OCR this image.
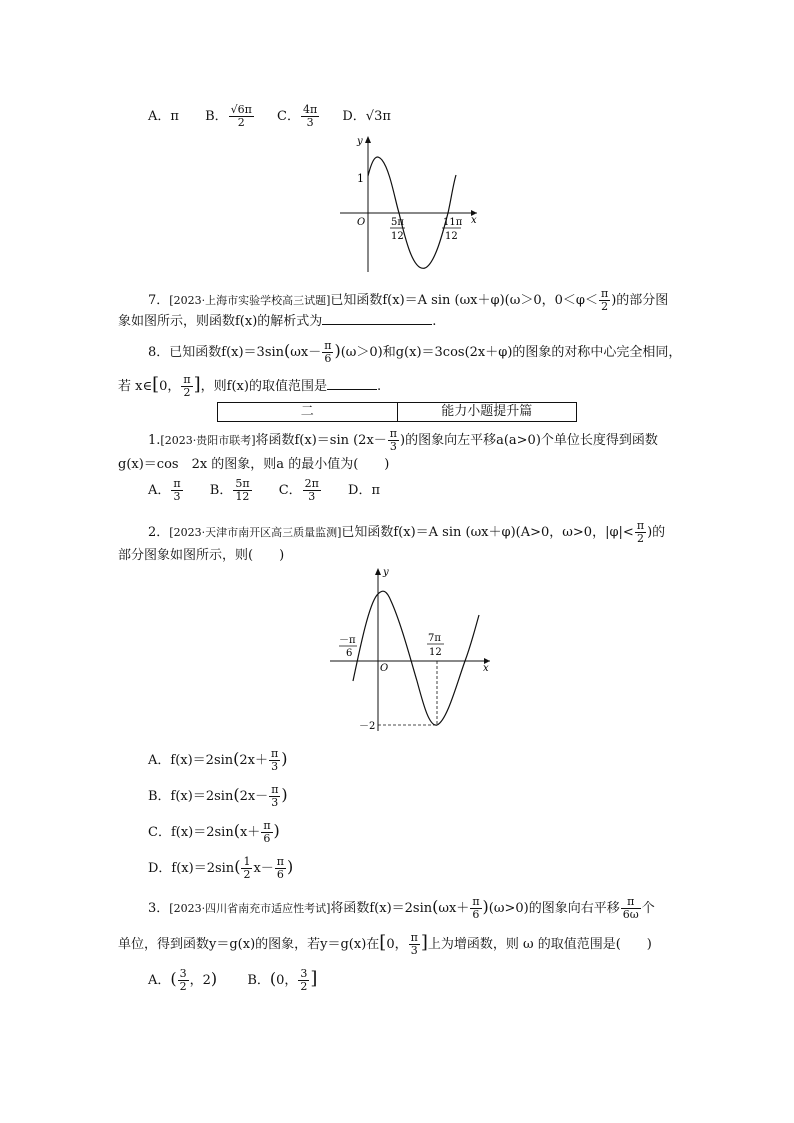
A．π B． $\frac{√6\pi}{2}$ C． $\frac{4\pi}{3}$ D．√3π
y
x
O
1
5π
12
11π
12
7．[2023·上海市实验学校高三试题]已知函数f(x)＝A sin (ωx＋φ)(ω＞0，$0<\varphi< \frac{\pi}{2}$ )的部分图
象如图所示，则函数f(x)的解析式为	.
8．已知函数$f(x)=3\sin(\omega x- \frac{\pi}{6} )(\omega>0)$和g(x)＝3cos(2x＋φ)的图象的对称中心完全相同，
若 x∈[0， $\frac{\pi}{2}$ ]，则f(x)的取值范围是	.
二	能力小题提升篇
1.[2023·贵阳市联考]将函数f(x)＝sin ($2x- \frac{\pi}{3}$ )的图象向左平移a(a>0)个单位长度得到函数
g(x)＝cos　2x 的图象，则a 的最小值为(　　)
A． $\frac{\pi}{3}$ B． $\frac{5\pi}{12}$ C． $\frac{2\pi}{3}$ D．π
2．[2023·天津市南开区高三质量监测]已知函数f(x)＝A sin (ωx＋φ)(A>0，ω>0，$|\varphi|< \frac{\pi}{2}$ )的
部分图象如图所示，则(　　)
y
x
O
－2
－π
6
7π
12
A．$f(x)=2\sin(2x+ \frac{\pi}{3}$ )
B．$f(x)=2\sin(2x- \frac{\pi}{3}$ )
C．$f(x)=2\sin(x+ \frac{\pi}{6}$ )
D．$f(x)=2\sin( \frac{1}{2} x- \frac{\pi}{6}$ )
3．[2023·四川省南充市适应性考试]将函数$f(x)=2\sin(\omega x+ \frac{\pi}{6} )(\omega>0)$的图象向右平移 $\frac{\pi}{6\omega}$ 个
单位，得到函数y＝g(x)的图象，若y＝g(x)在[0， $\frac{\pi}{3}$ ]上为增函数，则 ω 的取值范围是(　　)
A．( $\frac{3}{2}$ ，2) B．(0， $\frac{3}{2}$ ]
